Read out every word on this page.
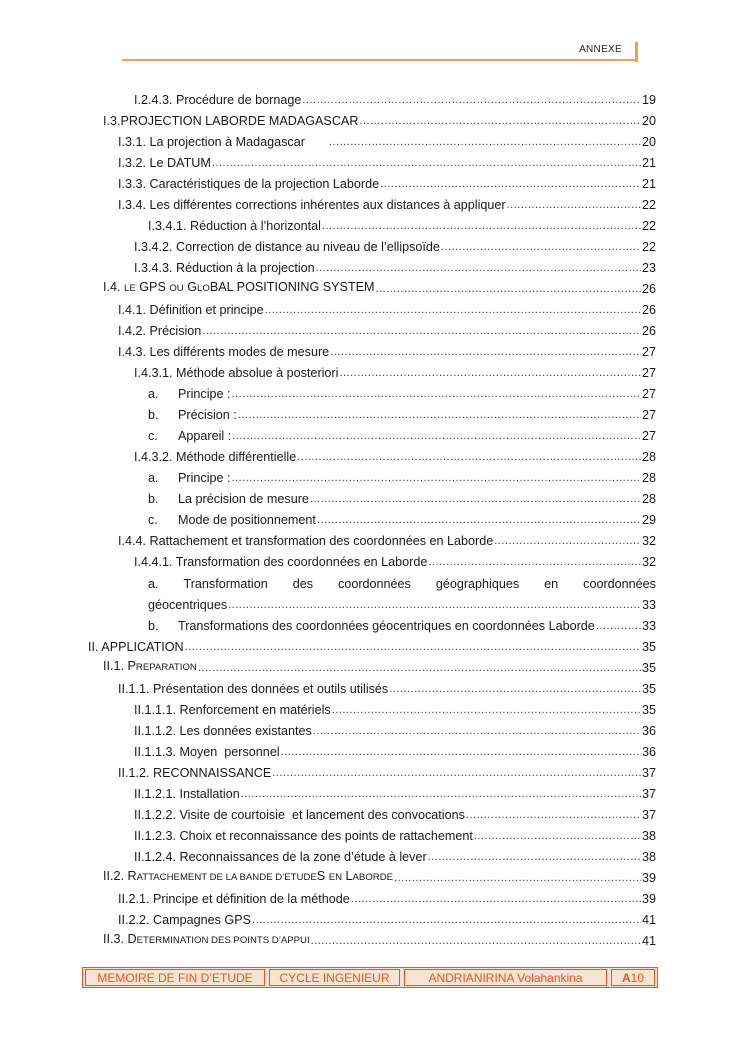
ANNEXE
I.2.4.3. Procédure de bornage .....	19
I.3.PROJECTION LABORDE MADAGASCAR .....	20
I.3.1. La projection à Madagascar .....	20
I.3.2. Le DATUM .....	21
I.3.3. Caractéristiques de la projection Laborde .....	21
I.3.4. Les différentes corrections inhérentes aux distances à appliquer .....	22
I.3.4.1. Réduction à l’horizontal .....	22
I.3.4.2. Correction de distance au niveau de l’ellipsoïde .....	22
I.3.4.3. Réduction à la projection .....	23
I.4. LE GPS OU GLOBAL POSITIONING SYSTEM .....	26
I.4.1. Définition et principe .....	26
I.4.2. Précision .....	26
I.4.3. Les différents modes de mesure .....	27
I.4.3.1. Méthode absolue à posteriori .....	27
a. Principe : .....	27
b. Précision : .....	27
c. Appareil : .....	27
I.4.3.2. Méthode différentielle .....	28
a. Principe : .....	28
b. La précision de mesure .....	28
c. Mode de positionnement .....	29
I.4.4. Rattachement et transformation des coordonnées en Laborde .....	32
I.4.4.1. Transformation des coordonnées en Laborde .....	32
a. Transformation des coordonnées géographiques en coordonnées
géocentriques .....	33
b. Transformations des coordonnées géocentriques en coordonnées Laborde .....	33
II. APPLICATION .....	35
II.1. PREPARATION .....	35
II.1.1. Présentation des données et outils utilisés .....	35
II.1.1.1. Renforcement en matériels .....	35
II.1.1.2. Les données existantes .....	36
II.1.1.3. Moyen  personnel .....	36
II.1.2. RECONNAISSANCE .....	37
II.1.2.1. Installation .....	37
II.1.2.2. Visite de courtoisie  et lancement des convocations .....	37
II.1.2.3. Choix et reconnaissance des points de rattachement .....	38
II.1.2.4. Reconnaissances de la zone d’étude à lever .....	38
II.2. RATTACHEMENT DE LA BANDE D’ETUDES EN LABORDE .....	39
II.2.1. Principe et définition de la méthode .....	39
II.2.2. Campagnes GPS .....	41
II.3. DETERMINATION DES POINTS D’APPUI .....	41
MEMOIRE DE FIN D’ETUDE	CYCLE INGENIEUR	ANDRIANIRINA Volahankina	A 10
